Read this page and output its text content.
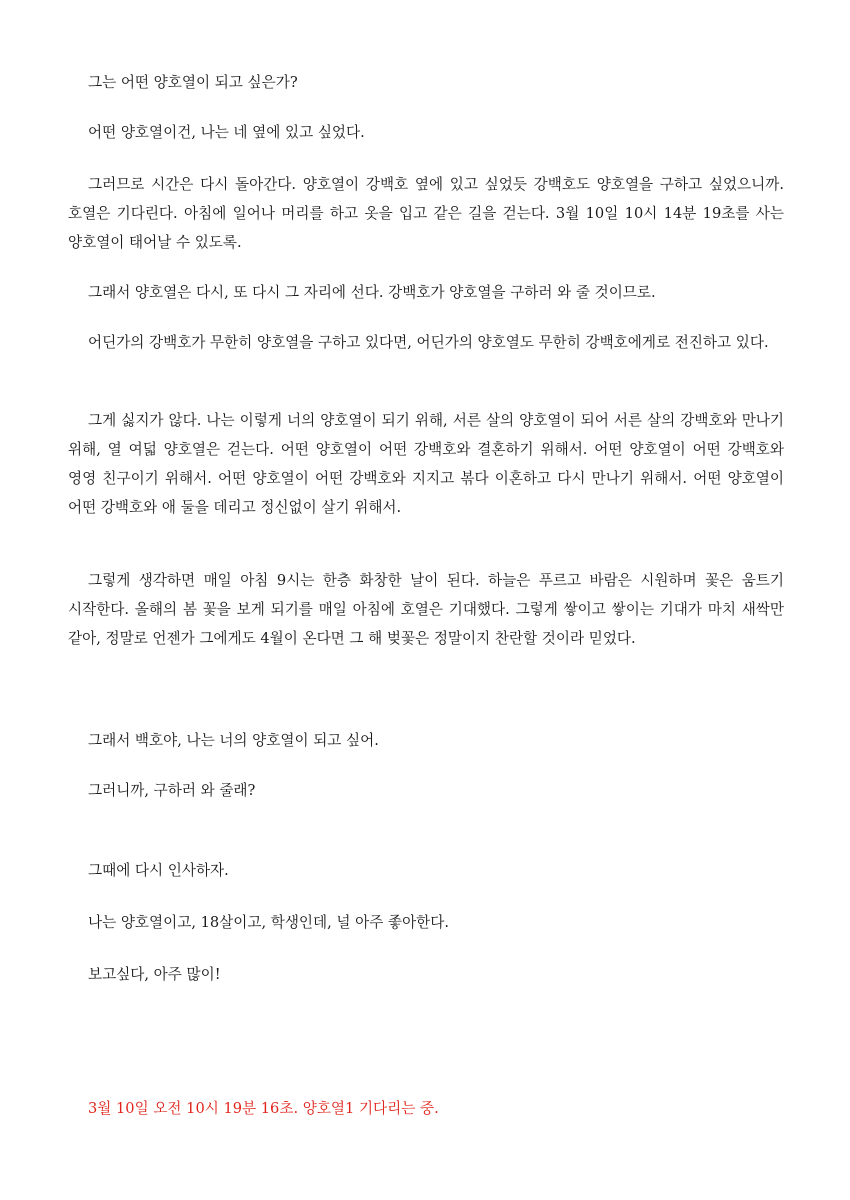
그는 어떤 양호열이 되고 싶은가?

어떤 양호열이건, 나는 네 옆에 있고 싶었다.

그러므로 시간은 다시 돌아간다. 양호열이 강백호 옆에 있고 싶었듯 강백호도 양호열을 구하고 싶었으니까. 호열은 기다린다. 아침에 일어나 머리를 하고 옷을 입고 같은 길을 걷는다. 3월 10일 10시 14분 19초를 사는 양호열이 태어날 수 있도록.

그래서 양호열은 다시, 또 다시 그 자리에 선다. 강백호가 양호열을 구하러 와 줄 것이므로.

어딘가의 강백호가 무한히 양호열을 구하고 있다면, 어딘가의 양호열도 무한히 강백호에게로 전진하고 있다.

그게 싫지가 않다. 나는 이렇게 너의 양호열이 되기 위해, 서른 살의 양호열이 되어 서른 살의 강백호와 만나기 위해, 열 여덟 양호열은 걷는다. 어떤 양호열이 어떤 강백호와 결혼하기 위해서. 어떤 양호열이 어떤 강백호와 영영 친구이기 위해서. 어떤 양호열이 어떤 강백호와 지지고 볶다 이혼하고 다시 만나기 위해서. 어떤 양호열이 어떤 강백호와 애 둘을 데리고 정신없이 살기 위해서.

그렇게 생각하면 매일 아침 9시는 한층 화창한 날이 된다. 하늘은 푸르고 바람은 시원하며 꽃은 움트기 시작한다. 올해의 봄 꽃을 보게 되기를 매일 아침에 호열은 기대했다. 그렇게 쌓이고 쌓이는 기대가 마치 새싹만 같아, 정말로 언젠가 그에게도 4월이 온다면 그 해 벚꽃은 정말이지 찬란할 것이라 믿었다.

그래서 백호야, 나는 너의 양호열이 되고 싶어.

그러니까, 구하러 와 줄래?

그때에 다시 인사하자.

나는 양호열이고, 18살이고, 학생인데, 널 아주 좋아한다.

보고싶다, 아주 많이!

3월 10일 오전 10시 19분 16초. 양호열1 기다리는 중.
